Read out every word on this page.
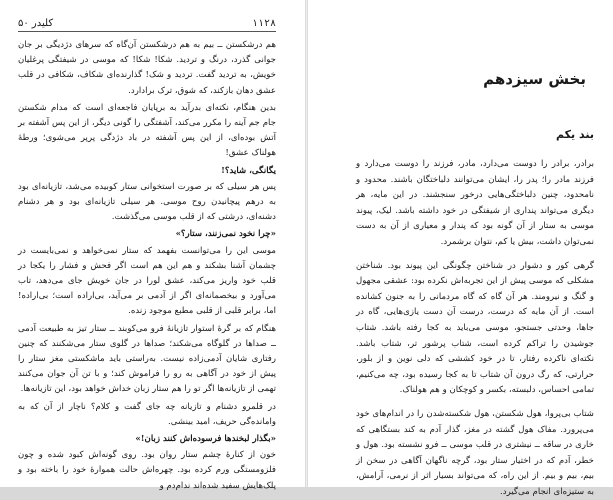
۱۱۲۸
کلیدر ۵۰

هم درشکستن ــ بیم به هم درشکستن آن‌گاه که سرهای دژدیگی بر جان جوانی گذرد، درنگ و تردید. شکا! شکا! که موسی در شیفتگی پرغلیان خویش، به تردید گفت. تردید و شک! گذارنده‌ای شکاف، شکافی در قلب عشق دهان بازکند، که شوق، ترک برادارد.

بدین هنگام، نکته‌ای بدرآید به برپایان فاجعه‌ای است که مدام شکستن جام جم آینه را مکرر می‌کند، آشفتگی را گونی دیگر، از این پس آشفته بر آتش بوده‌ای، از این پس آشفته در باد دژدگی پرپر می‌شوی؛ ورطهٔ هولناک عشق!

یگانگی، شاید؟!

پس هر سیلی که بر صورت استخوانی ستار کوبیده می‌شد، تازیانه‌ای بود به درهم پیچانیدن روح موسی. هر سیلی تازیانه‌ای بود و هر دشنام دشنه‌ای، درشتی که از قلب موسی می‌گذشت.

«چرا نخود نمی‌زنند، ستار؟»

موسی این را می‌توانست بفهمد که ستار نمی‌خواهد و نمی‌بایست در چشمان آشنا بشکند و هم این هم است اگر فحش و فشار را یکجا در قلب خود واریز می‌کند، عشق لورا در جان خویش جای می‌دهد، تاب می‌آورد و بیخصمانه‌ای اگر از آدمی بر می‌آید، بی‌اراده است؛ بی‌اراده! اما، برابر قلبی از قلبی مطبع موجود زنده.

هنگام که بر گرهٔ استوار تازیانهٔ فرو می‌کوبند ــ ستار تیز به طبیعت آدمی ــ صداها در گلوگاه می‌شکند؛ صداها در گلوی ستار می‌شکنند که چنین رفتاری شایان آدمی‌زاده نیست. به‌راستی باید ماشکستی مغز ستار را پیش از خود در آگاهی به رو را فراموش کند؛ و با تن آن جوان می‌کنند تهمی از تازیانه‌ها اگر تو را هم ستار زبان خداش خواهد بود، این تازیانه‌ها.

در قلمرو دشنام و تازیانه چه جای گفت و کلام؟ ناچار از آن که به وامانده‌گی حریف، امید بینشی.

«بگذار لبخند‌ها فرسوده‌اش کنند زبان!»

خون از کناره‌ٔ چشم ستار روان بود. روی گونه‌اش کبود شده و چون فلزومستگی ورم کرده بود. چهره‌اش حالت هموارهٔ خود را باخته بود و پلک‌هایش سفید شده‌اند ندام‌دم و

بخش سیزدهم
بند یکم

برادر، برادر را دوست می‌دارد، مادر، فرزند را دوست می‌دارد و فرزند مادر را؛ پدر را، ایشان می‌توانند دلباختگان باشند. محدود و نامحدود، چنین دلباختگی‌هایی درخور سنجشند. در این مایه، هر دیگری می‌تواند پنداری از شیفتگی در خود داشته باشد. لیک، پیوند موسی به ستار از آن گونه بود که پندار و معیاری از آن به دست نمی‌توان داشت، بیش یا کم، نتوان برشمرد.

گرهی کور و دشوار در شناختن چگونگی این پیوند بود. شناختن مشکلی که موسی پیش از این تجربه‌اش نکرده بود: عشقی مجهول و گنگ و نیرومند. هر آن گاه که گاه مردمانی را به جنون کشانده است. از آن مایه که درست، درست آن دست یازی‌هایی، گاه در جاها، وحدتی جستجو، موسی می‌باید به کجا رفته باشد. شتاب جوشیدن را تراکم کرده است، شتاب پرشور تر، شتاب باشد. نکته‌ای ناکرده رفتار، تا در خود کششی که دلی نوین و از بلور، حرارتی، که رگ درون آن شتاب تا به کجا رسیده بود، چه می‌کنیم، تمامی احساس، دلبسته، بکسر و کوچکان و هم هولناک.

شتاب بی‌پروا، هول شکستن، هول شکسته‌شدن را در اندام‌های خود می‌پرورد. مفاک هول گشته در مغز، گذار آدم به کند بستگاهی که خاری در ساقه ــ نیشتری در قلب موسی ــ فرو نشسته بود. هول و خطر، آدم که در اختیار ستار بود، گرچه ناگهان آگاهی در سخن از بیم، بیم و بیم. از این راه، که می‌تواند بسیار اثر از نرمی، آرامش، به ستیزه‌ای انجام می‌گیرد.
